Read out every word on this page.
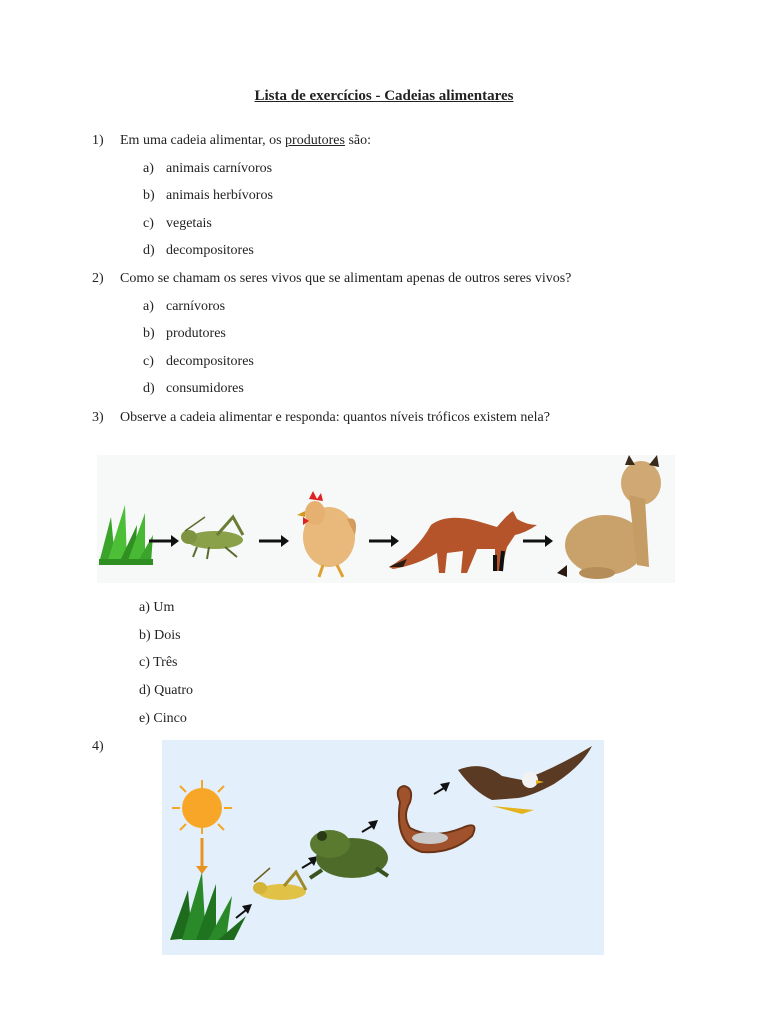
Lista de exercícios - Cadeias alimentares
1) Em uma cadeia alimentar, os produtores são:
a) animais carnívoros
b) animais herbívoros
c) vegetais
d) decompositores
2) Como se chamam os seres vivos que se alimentam apenas de outros seres vivos?
a) carnívoros
b) produtores
c) decompositores
d) consumidores
3) Observe a cadeia alimentar e responda: quantos níveis tróficos existem nela?
a) Um
b) Dois
c) Três
d) Quatro
e) Cinco
4)
